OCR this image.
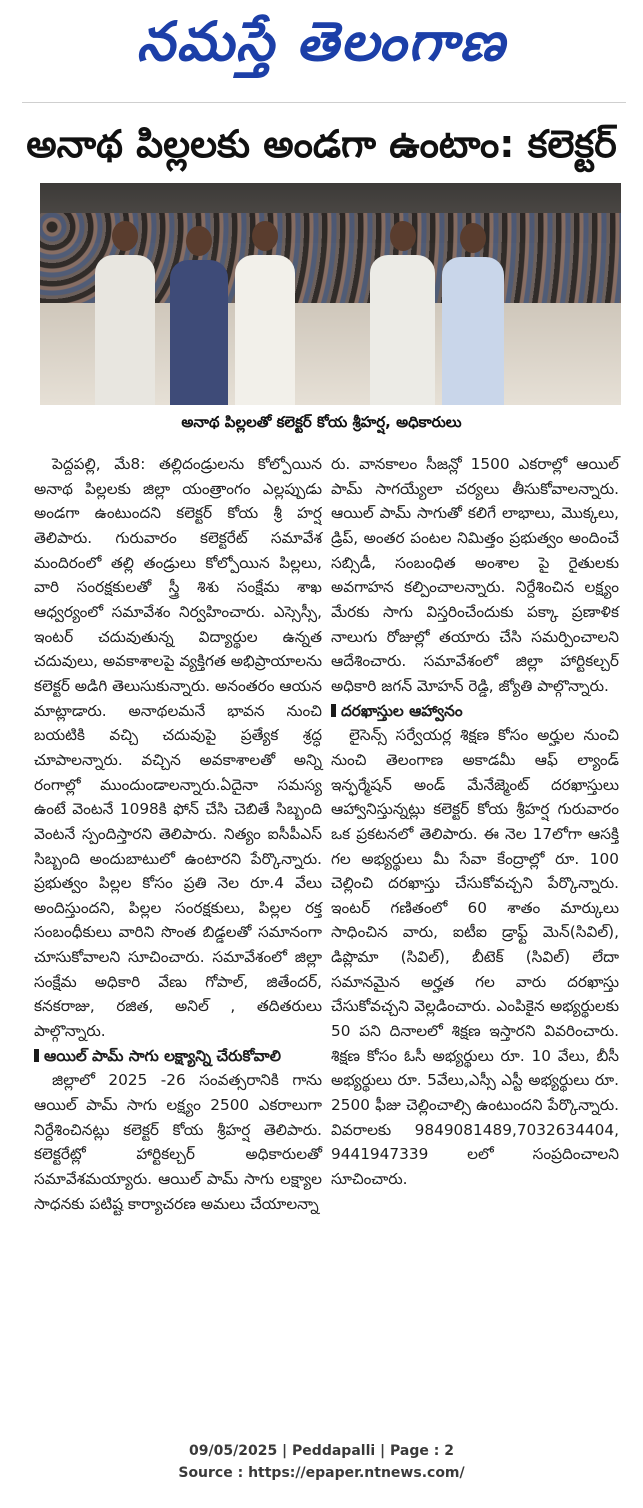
నమస్తే తెలంగాణ
అనాథ పిల్లలకు అండగా ఉంటాం: కలెక్టర్
అనాథ పిల్లలతో కలెక్టర్ కోయ శ్రీహర్ష, అధికారులు

పెద్దపల్లి, మే8: తల్లిదండ్రులను కోల్పోయిన అనాథ పిల్లలకు జిల్లా యంత్రాంగం ఎల్లప్పుడు అండగా ఉంటుందని కలెక్టర్ కోయ శ్రీ హర్ష తెలిపారు. గురువారం కలెక్టరేట్ సమావేశ మందిరంలో తల్లి తండ్రులు కోల్పోయిన పిల్లలు, వారి సంరక్షకులతో స్త్రీ శిశు సంక్షేమ శాఖ ఆధ్వర్యంలో సమావేశం నిర్వహించారు. ఎస్సెస్సీ, ఇంటర్ చదువుతున్న విద్యార్థుల ఉన్నత చదువులు, అవకాశాలపై వ్యక్తిగత అభిప్రాయాలను కలెక్టర్ అడిగి తెలుసుకున్నారు. అనంతరం ఆయన మాట్లాడారు. అనాథలమనే భావన నుంచి బయటికి వచ్చి చదువుపై ప్రత్యేక శ్రద్ధ చూపాలన్నారు. వచ్చిన అవకాశాలతో అన్ని రంగాల్లో ముందుండాలన్నారు.ఏదైనా సమస్య ఉంటే వెంటనే 1098కి ఫోన్ చేసి చెబితే సిబ్బంది వెంటనే స్పందిస్తారని తెలిపారు. నిత్యం ఐసీపీఎస్ సిబ్బంది అందుబాటులో ఉంటారని పేర్కొన్నారు. ప్రభుత్వం పిల్లల కోసం ప్రతి నెల రూ.4 వేలు అందిస్తుందని, పిల్లల సంరక్షకులు, పిల్లల రక్త సంబంధీకులు వారిని సొంత బిడ్డలతో సమానంగా చూసుకోవాలని సూచించారు. సమావేశంలో జిల్లా సంక్షేమ అధికారి వేణు గోపాల్, జితేందర్, కనకరాజు, రజిత, అనిల్ , తదితరులు పాల్గొన్నారు.

ఆయిల్ పామ్ సాగు లక్ష్యాన్ని చేరుకోవాలి

జిల్లాలో 2025 -26 సంవత్సరానికి గాను ఆయిల్ పామ్ సాగు లక్ష్యం 2500 ఎకరాలుగా నిర్దేశించినట్లు కలెక్టర్ కోయ శ్రీహర్ష తెలిపారు. కలెక్టరేట్లో హార్టికల్చర్ అధికారులతో సమావేశమయ్యారు. ఆయిల్ పామ్ సాగు లక్ష్యాల సాధనకు పటిష్ట కార్యాచరణ అమలు చేయాలన్నా

రు. వానకాలం సీజన్లో 1500 ఎకరాల్లో ఆయిల్ పామ్ సాగయ్యేలా చర్యలు తీసుకోవాలన్నారు. ఆయిల్ పామ్ సాగుతో కలిగే లాభాలు, మొక్కలు, డ్రిప్, అంతర పంటల నిమిత్తం ప్రభుత్వం అందించే సబ్సిడీ, సంబంధిత అంశాల పై రైతులకు అవగాహన కల్పించాలన్నారు. నిర్దేశించిన లక్ష్యం మేరకు సాగు విస్తరించేందుకు పక్కా ప్రణాళిక నాలుగు రోజుల్లో తయారు చేసి సమర్పించాలని ఆదేశించారు. సమావేశంలో జిల్లా హార్టికల్చర్ అధికారి జగన్ మోహన్ రెడ్డి, జ్యోతి పాల్గొన్నారు.

దరఖాస్తుల ఆహ్వానం

లైసెన్స్ సర్వేయర్ల శిక్షణ కోసం అర్హుల నుంచి నుంచి తెలంగాణ అకాడమీ ఆఫ్ ల్యాండ్ ఇన్ఫర్మేషన్ అండ్ మేనేజ్మెంట్ దరఖాస్తులు ఆహ్వానిస్తున్నట్లు కలెక్టర్ కోయ శ్రీహర్ష గురువారం ఒక ప్రకటనలో తెలిపారు. ఈ నెల 17లోగా ఆసక్తి గల అభ్యర్థులు మీ సేవా కేంద్రాల్లో రూ. 100 చెల్లించి దరఖాస్తు చేసుకోవచ్చని పేర్కొన్నారు. ఇంటర్ గణితంలో 60 శాతం మార్కులు సాధించిన వారు, ఐటీఐ డ్రాఫ్ట్ మెన్(సివిల్), డిప్లొమా (సివిల్), బీటెక్ (సివిల్) లేదా సమానమైన అర్హత గల వారు దరఖాస్తు చేసుకోవచ్చని వెల్లడించారు. ఎంపికైన అభ్యర్థులకు 50 పని దినాలలో శిక్షణ ఇస్తారని వివరించారు. శిక్షణ కోసం ఓసీ అభ్యర్థులు రూ. 10 వేలు, బీసీ అభ్యర్థులు రూ. 5వేలు,ఎస్సీ ఎస్టీ అభ్యర్థులు రూ. 2500 ఫీజు చెల్లించాల్సి ఉంటుందని పేర్కొన్నారు. వివరాలకు 9849081489,7032634404, 9441947339 లలో సంప్రదించాలని సూచించారు.

09/05/2025 | Peddapalli | Page : 2
Source : https://epaper.ntnews.com/
